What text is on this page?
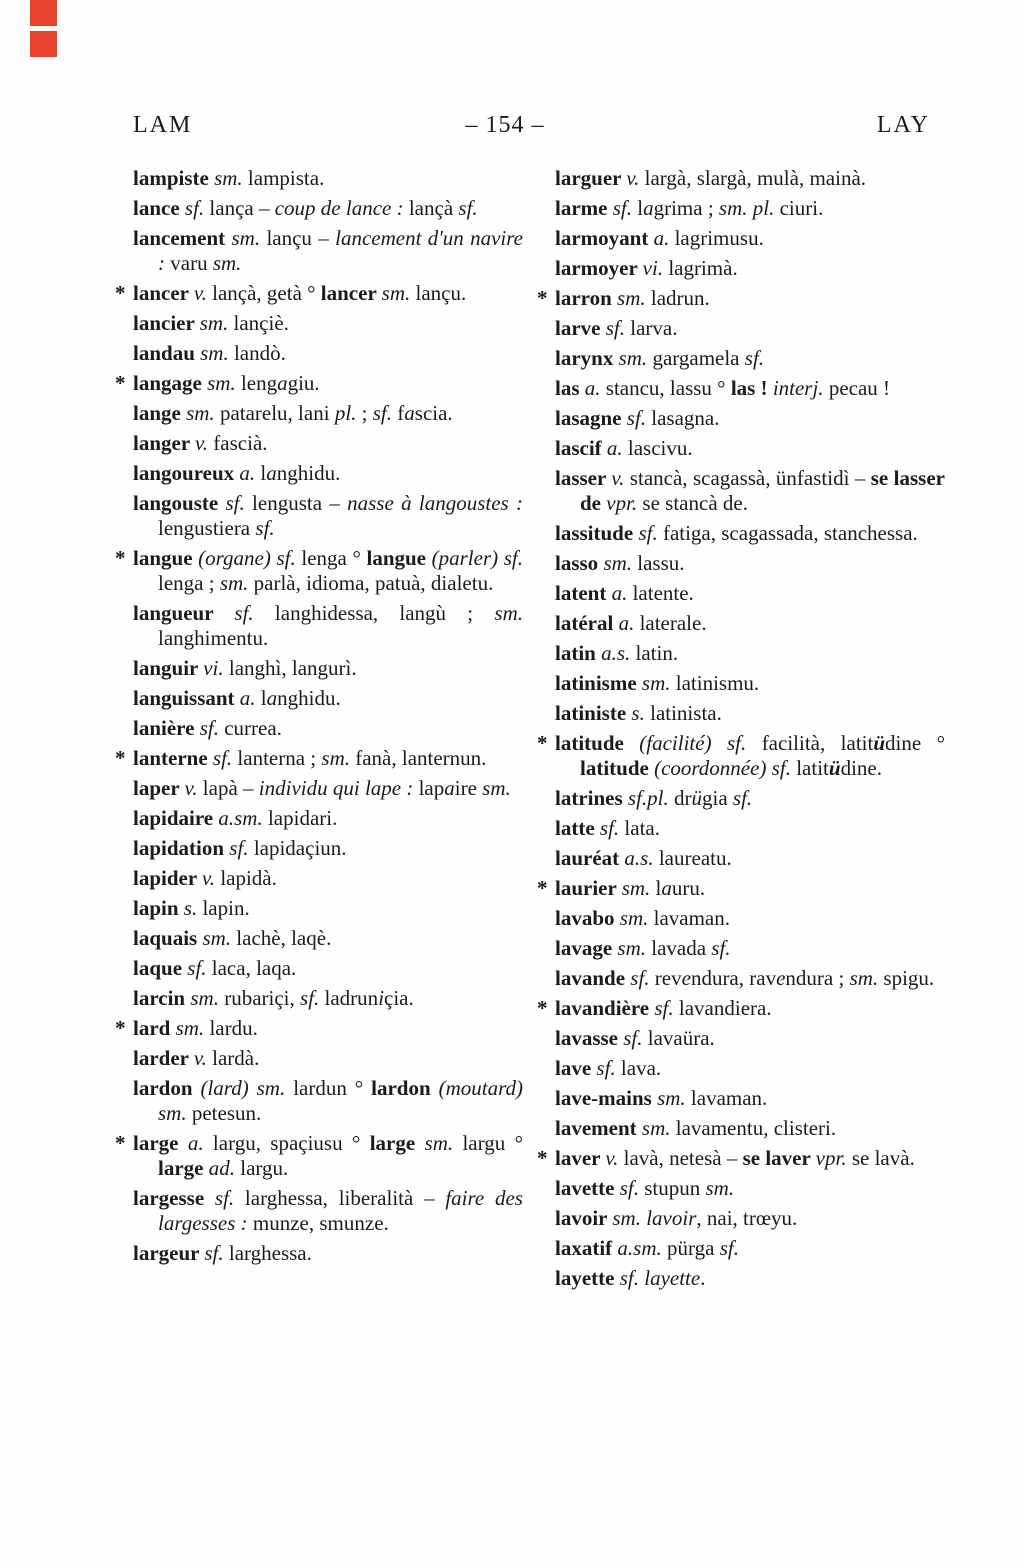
LAM	– 154 –	LAY
lampiste sm. lampista.
lance sf. lança – coup de lance : lançà sf.
lancement sm. lançu – lancement d'un navire : varu sm.
* lancer v. lançà, getà ° lancer sm. lançu.
lancier sm. lançiè.
landau sm. landò.
* langage sm. lengagiu.
lange sm. patarelu, lani pl. ; sf. fascia.
langer v. fascià.
langoureux a. langhidu.
langouste sf. lengusta – nasse à langoustes : lengustiera sf.
* langue (organe) sf. lenga ° langue (parler) sf. lenga ; sm. parlà, idioma, patuà, dialetu.
langueur sf. langhidessa, langù ; sm. langhimentu.
languir vi. langhì, langurì.
languissant a. langhidu.
lanière sf. currea.
* lanterne sf. lanterna ; sm. fanà, lanternun.
laper v. lapà – individu qui lape : lapaire sm.
lapidaire a.sm. lapidari.
lapidation sf. lapidaçiun.
lapider v. lapidà.
lapin s. lapin.
laquais sm. lachè, laqè.
laque sf. laca, laqa.
larcin sm. rubariçi, sf. ladruniçia.
* lard sm. lardu.
larder v. lardà.
lardon (lard) sm. lardun ° lardon (moutard) sm. petesun.
* large a. largu, spaçiusu ° large sm. largu ° large ad. largu.
largesse sf. larghessa, liberalità – faire des largesses : munze, smunze.
largeur sf. larghessa.
larguer v. largà, slargà, mulà, mainà.
larme sf. lagrima ; sm. pl. ciuri.
larmoyant a. lagrimusu.
larmoyer vi. lagrimà.
* larron sm. ladrun.
larve sf. larva.
larynx sm. gargamela sf.
las a. stancu, lassu ° las ! interj. pecau !
lasagne sf. lasagna.
lascif a. lascivu.
lasser v. stancà, scagassà, ünfastidì – se lasser de vpr. se stancà de.
lassitude sf. fatiga, scagassada, stanchessa.
lasso sm. lassu.
latent a. latente.
latéral a. laterale.
latin a.s. latin.
latinisme sm. latinismu.
latiniste s. latinista.
* latitude (facilité) sf. facilità, latitüdine ° latitude (coordonnée) sf. latitüdine.
latrines sf.pl. drügia sf.
latte sf. lata.
lauréat a.s. laureatu.
* laurier sm. lauru.
lavabo sm. lavaman.
lavage sm. lavada sf.
lavande sf. revendura, ravendura ; sm. spigu.
* lavandière sf. lavandiera.
lavasse sf. lavaüra.
lave sf. lava.
lave-mains sm. lavaman.
lavement sm. lavamentu, clisteri.
* laver v. lavà, netesà – se laver vpr. se lavà.
lavette sf. stupun sm.
lavoir sm. lavoir, nai, trœyu.
laxatif a.sm. pürga sf.
layette sf. layette.
